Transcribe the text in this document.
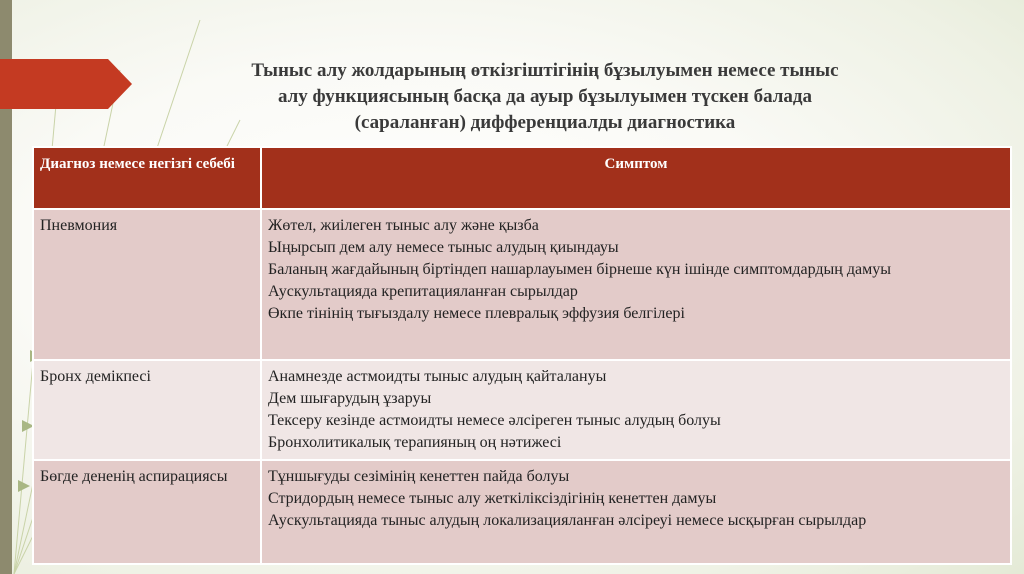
Тыныс алу жолдарының өткізгіштігінің бұзылуымен немесе тыныс
алу функциясының басқа да ауыр бұзылуымен түскен балада
(сараланған) дифференциалды диагностика
Диагноз немесе негізгі себебі	Симптом
Пневмония	Жөтел, жиілеген тыныс алу және қызба
Ыңырсып дем алу немесе тыныс алудың қиындауы
Баланың жағдайының біртіндеп нашарлауымен бірнеше күн ішінде симптомдардың дамуы
Аускультацияда крепитацияланған сырылдар
Өкпе тінінің тығыздалу немесе плевралық эффузия белгілері

Бронх демікпесі	Анамнезде астмоидты тыныс алудың қайталануы
Дем шығарудың ұзаруы
Тексеру кезінде астмоидты немесе әлсіреген тыныс алудың болуы
Бронхолитикалық терапияның оң нәтижесі

Бөгде дененің аспирациясы	Тұншығуды сезімінің кенеттен пайда болуы
Стридордың немесе тыныс алу жеткіліксіздігінің кенеттен дамуы
Аускультацияда тыныс алудың локализацияланған әлсіреуі немесе ысқырған сырылдар
